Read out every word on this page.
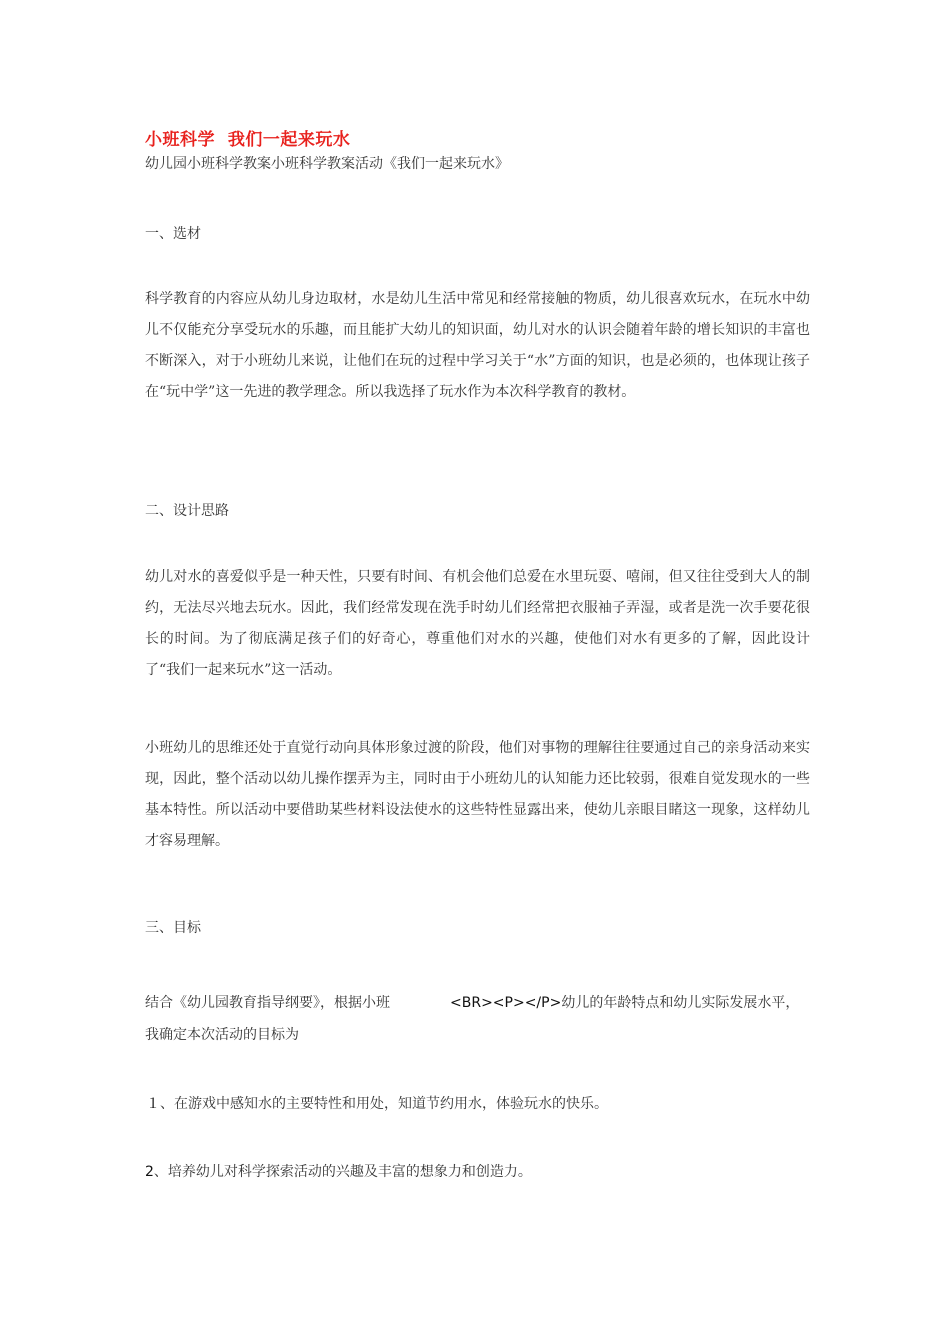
小班科学  我们一起来玩水
幼儿园小班科学教案小班科学教案活动《我们一起来玩水》
一、选材
科学教育的内容应从幼儿身边取材，水是幼儿生活中常见和经常接触的物质，幼儿很喜欢玩水，在玩水中幼儿不仅能充分享受玩水的乐趣，而且能扩大幼儿的知识面，幼儿对水的认识会随着年龄的增长知识的丰富也不断深入，对于小班幼儿来说，让他们在玩的过程中学习关于“水”方面的知识，也是必须的，也体现让孩子在“玩中学”这一先进的教学理念。所以我选择了玩水作为本次科学教育的教材。
二、设计思路
幼儿对水的喜爱似乎是一种天性，只要有时间、有机会他们总爱在水里玩耍、嘻闹，但又往往受到大人的制约，无法尽兴地去玩水。因此，我们经常发现在洗手时幼儿们经常把衣服袖子弄湿，或者是洗一次手要花很长的时间。为了彻底满足孩子们的好奇心，尊重他们对水的兴趣，使他们对水有更多的了解，因此设计了“我们一起来玩水”这一活动。
小班幼儿的思维还处于直觉行动向具体形象过渡的阶段，他们对事物的理解往往要通过自己的亲身活动来实现，因此，整个活动以幼儿操作摆弄为主，同时由于小班幼儿的认知能力还比较弱，很难自觉发现水的一些基本特性。所以活动中要借助某些材料设法使水的这些特性显露出来，使幼儿亲眼目睹这一现象，这样幼儿才容易理解。
三、目标
结合《幼儿园教育指导纲要》，根据小班	<BR><P></P>幼儿的年龄特点和幼儿实际发展水平，我确定本次活动的目标为
１、在游戏中感知水的主要特性和用处，知道节约用水，体验玩水的快乐。
2、培养幼儿对科学探索活动的兴趣及丰富的想象力和创造力。
